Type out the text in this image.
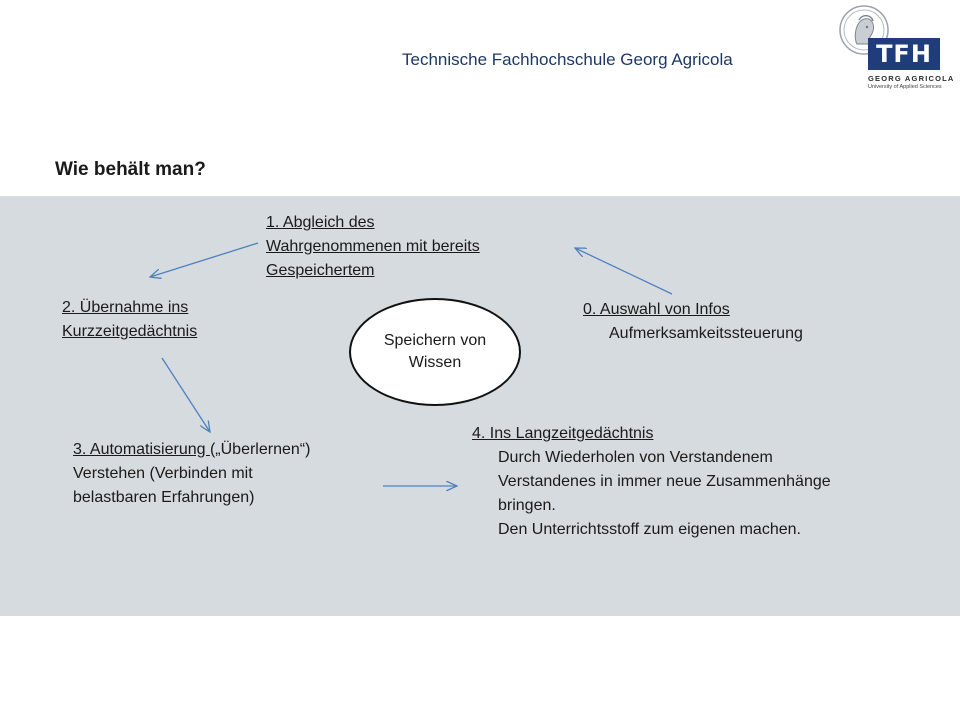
Technische Fachhochschule Georg Agricola	TFH
GEORG AGRICOLA
University of Applied Sciences
Wie behält man?
1. Abgleich des
Wahrgenommenen mit bereits
Gespeichertem
2. Übernahme ins
Kurzzeitgedächtnis
0. Auswahl von Infos
Aufmerksamkeitssteuerung
Speichern von
Wissen
3. Automatisierung („Überlernen“)
Verstehen (Verbinden mit
belastbaren Erfahrungen)
4. Ins Langzeitgedächtnis
Durch Wiederholen von Verstandenem
Verstandenes in immer neue Zusammenhänge
bringen.
Den Unterrichtsstoff zum eigenen machen.
